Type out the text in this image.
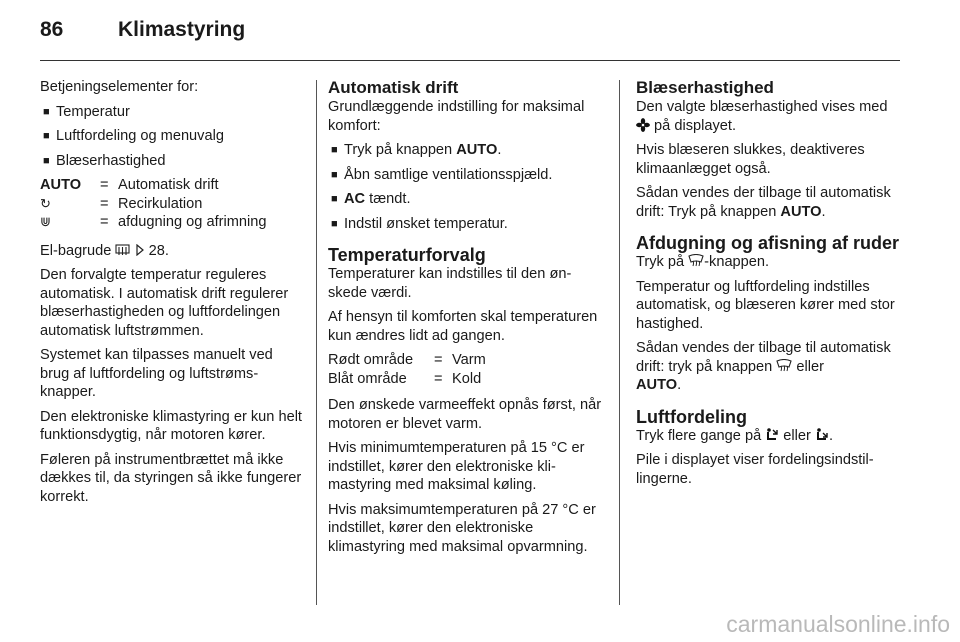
86	Klimastyring

Betjeningselementer for:

■ Temperatur
■ Luftfordeling og menuvalg
■ Blæserhastighed
AUTO	= Automatisk drift
↻	= Recirkulation
⋓	= afdugning og afrimning

El-bagrude	28.

Den forvalgte temperatur reguleres automatisk. I automatisk drift regulerer blæserhastigheden og luftfordelingen automatisk luftstrømmen.

Systemet kan tilpasses manuelt ved brug af luftfordeling og luftstrømsknapper.

Den elektroniske klimastyring er kun helt funktionsdygtig, når motoren kører.

Føleren på instrumentbrættet må ikke dækkes til, da styringen så ikke fungerer korrekt.

Automatisk drift

Grundlæggende indstilling for maksimal komfort:

■ Tryk på knappen AUTO.
■ Åbn samtlige ventilationsspjæld.
■ AC tændt.
■ Indstil ønsket temperatur.
Temperaturforvalg

Temperaturer kan indstilles til den ønskede værdi.

Af hensyn til komforten skal temperaturen kun ændres lidt ad gangen.

Rødt område	= Varm
Blåt område	= Kold

Den ønskede varmeeffekt opnås først, når motoren er blevet varm.

Hvis minimumtemperaturen på 15 °C er indstillet, kører den elektroniske klimastyring med maksimal køling.

Hvis maksimumtemperaturen på 27 °C er indstillet, kører den elektroniske klimastyring med maksimal opvarmning.

Blæserhastighed

Den valgte blæserhastighed vises med  på displayet.

Hvis blæseren slukkes, deaktiveres klimaanlægget også.

Sådan vendes der tilbage til automatisk drift: Tryk på knappen AUTO.

Afdugning og afisning af ruder

Tryk på -knappen.

Temperatur og luftfordeling indstilles automatisk, og blæseren kører med stor hastighed.

Sådan vendes der tilbage til automatisk drift: tryk på knappen  eller
AUTO.

Luftfordeling

Tryk flere gange på  eller .

Pile i displayet viser fordelingsindstillingerne.

carmanualsonline.info
